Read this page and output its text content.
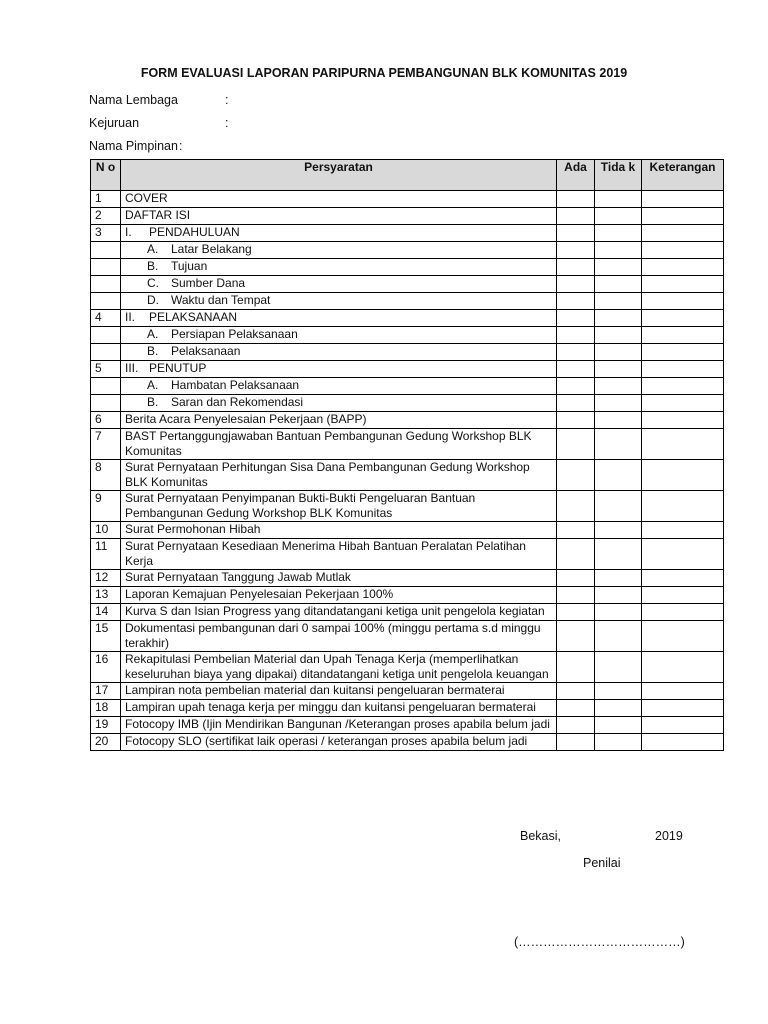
FORM EVALUASI LAPORAN PARIPURNA PEMBANGUNAN BLK KOMUNITAS 2019
Nama Lembaga	:
Kejuruan	:
Nama Pimpinan :
N o	Persyaratan	Ada	Tida k	Keterangan
1	COVER			
2	DAFTAR ISI			
3	I. PENDAHULUAN			
	A. Latar Belakang			
	B. Tujuan			
	C. Sumber Dana			
	D. Waktu dan Tempat			
4	II. PELAKSANAAN			
	A. Persiapan Pelaksanaan			
	B. Pelaksanaan			
5	III. PENUTUP			
	A. Hambatan Pelaksanaan			
	B. Saran dan Rekomendasi			
6	Berita Acara Penyelesaian Pekerjaan (BAPP)			
7	BAST Pertanggungjawaban Bantuan Pembangunan Gedung Workshop BLK Komunitas			
8	Surat Pernyataan Perhitungan Sisa Dana Pembangunan Gedung Workshop BLK Komunitas			
9	Surat Pernyataan Penyimpanan Bukti-Bukti Pengeluaran Bantuan Pembangunan Gedung Workshop BLK Komunitas			
10	Surat Permohonan Hibah			
11	Surat Pernyataan Kesediaan Menerima Hibah Bantuan Peralatan Pelatihan Kerja			
12	Surat Pernyataan Tanggung Jawab Mutlak			
13	Laporan Kemajuan Penyelesaian Pekerjaan 100%			
14	Kurva S dan Isian Progress yang ditandatangani ketiga unit pengelola kegiatan			
15	Dokumentasi pembangunan dari 0 sampai 100% (minggu pertama s.d minggu terakhir)			
16	Rekapitulasi Pembelian Material dan Upah Tenaga Kerja (memperlihatkan keseluruhan biaya yang dipakai) ditandatangani ketiga unit pengelola keuangan			
17	Lampiran nota pembelian material dan kuitansi pengeluaran bermaterai			
18	Lampiran upah tenaga kerja per minggu dan kuitansi pengeluaran bermaterai			
19	Fotocopy IMB (Ijin Mendirikan Bangunan /Keterangan proses apabila belum jadi			
20	Fotocopy SLO (sertifikat laik operasi / keterangan proses apabila belum jadi			
Bekasi,	2019
Penilai
(…………………………………)
